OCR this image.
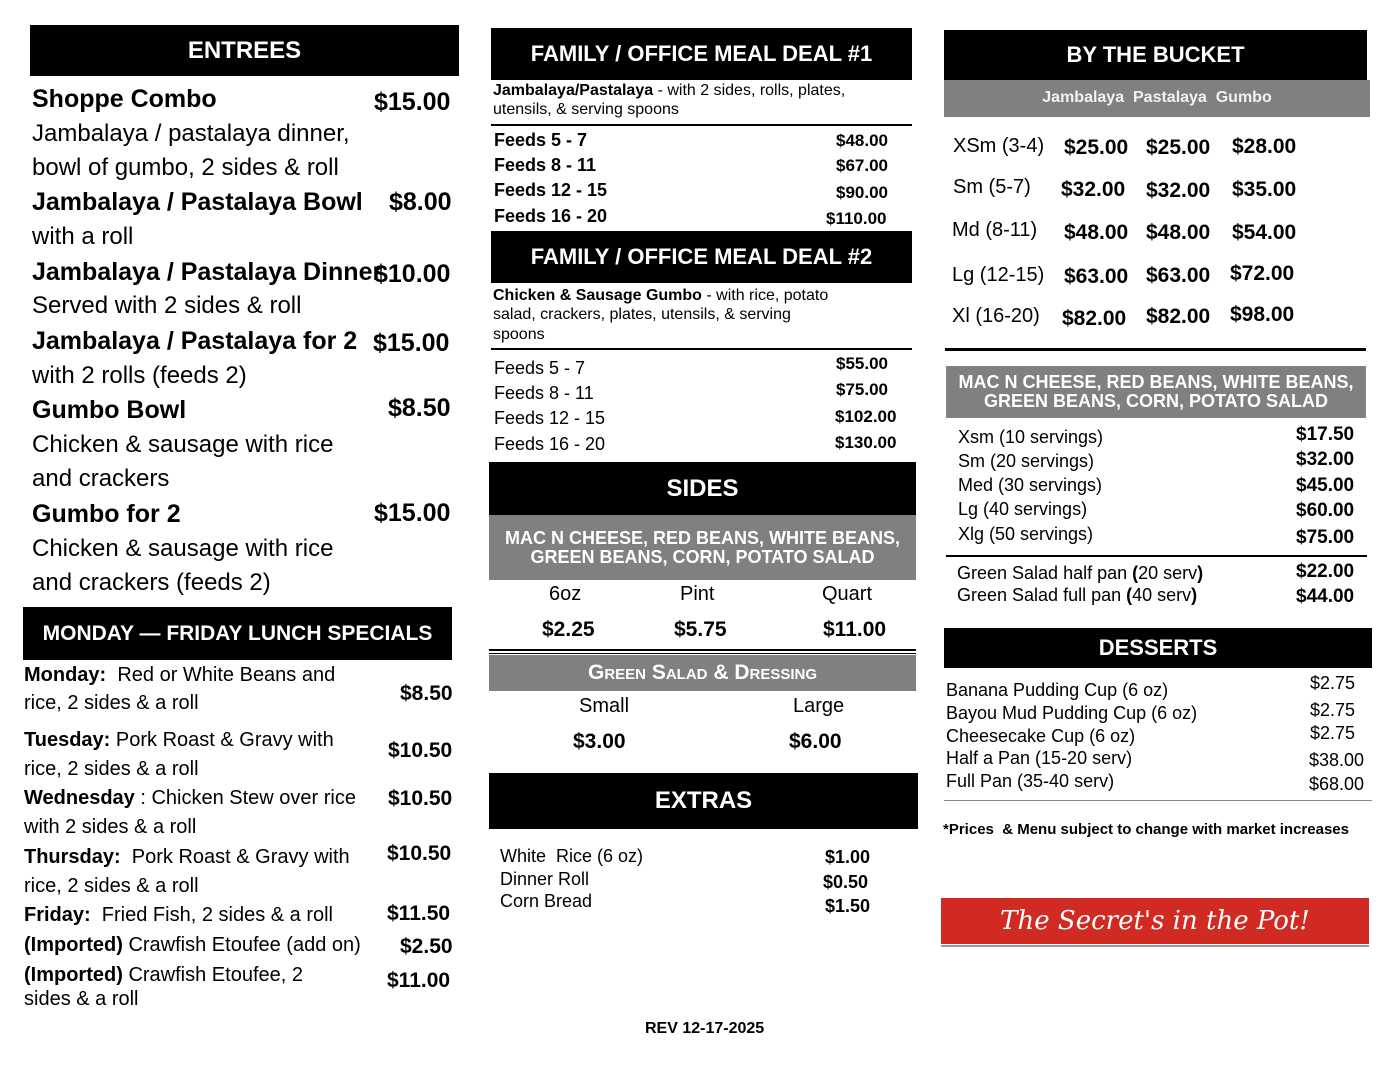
ENTREES
Shoppe Combo	$15.00
Jambalaya / pastalaya dinner,
bowl of gumbo, 2 sides & roll
Jambalaya / Pastalaya Bowl $8.00
with a roll
Jambalaya / Pastalaya Dinner
$10.00
Served with 2 sides & roll
Jambalaya / Pastalaya for 2 $15.00
with 2 rolls (feeds 2)
Gumbo Bowl	$8.50
Chicken & sausage with rice
and crackers
Gumbo for 2	$15.00
Chicken & sausage with rice
and crackers (feeds 2)
MONDAY — FRIDAY LUNCH SPECIALS
Monday:  Red or White Beans and
rice, 2 sides & a roll	$8.50
Tuesday: Pork Roast & Gravy with
rice, 2 sides & a roll
$10.50
Wednesday : Chicken Stew over rice
with 2 sides & a roll
$10.50
Thursday:  Pork Roast & Gravy with
rice, 2 sides & a roll
$10.50
Friday:  Fried Fish, 2 sides & a roll	$11.50
(Imported) Crawfish Etoufee (add on) $2.50
(Imported) Crawfish Etoufee, 2
sides & a roll
$11.00
FAMILY / OFFICE MEAL DEAL #1
Jambalaya/Pastalaya - with 2 sides, rolls, plates,
utensils, & serving spoons
Feeds 5 - 7	$48.00
Feeds 8 - 11	$67.00
Feeds 12 - 15	$90.00
Feeds 16 - 20	$110.00
FAMILY / OFFICE MEAL DEAL #2
Chicken & Sausage Gumbo - with rice, potato
salad, crackers, plates, utensils, & serving
spoons
Feeds 5 - 7	$55.00
Feeds 8 - 11	$75.00
Feeds 12 - 15	$102.00
Feeds 16 - 20	$130.00
SIDES
MAC N CHEESE, RED BEANS, WHITE BEANS,
GREEN BEANS, CORN, POTATO SALAD
6oz	Pint	Quart
$2.25	$5.75	$11.00
Green Salad & Dressing
Small	Large
$3.00	$6.00
EXTRAS
White  Rice (6 oz)	$1.00
Dinner Roll	$0.50
Corn Bread	$1.50
REV 12-17-2025
BY THE BUCKET
Jambalaya  Pastalaya  Gumbo
XSm (3-4) $25.00 $25.00 $28.00
Sm (5-7) $32.00 $32.00 $35.00
Md (8-11) $48.00 $48.00 $54.00
Lg (12-15) $63.00 $63.00 $72.00
Xl (16-20) $82.00 $82.00 $98.00
MAC N CHEESE, RED BEANS, WHITE BEANS,
GREEN BEANS, CORN, POTATO SALAD
Xsm (10 servings)	$17.50
Sm (20 servings)	$32.00
Med (30 servings)	$45.00
Lg (40 servings)	$60.00
Xlg (50 servings)	$75.00
Green Salad half pan (20 serv)	$22.00
Green Salad full pan (40 serv)	$44.00
DESSERTS
Banana Pudding Cup (6 oz)	$2.75
Bayou Mud Pudding Cup (6 oz)	$2.75
Cheesecake Cup (6 oz)	$2.75
Half a Pan (15-20 serv)	$38.00
Full Pan (35-40 serv)	$68.00
*Prices  & Menu subject to change with market increases
The Secret's in the Pot!
